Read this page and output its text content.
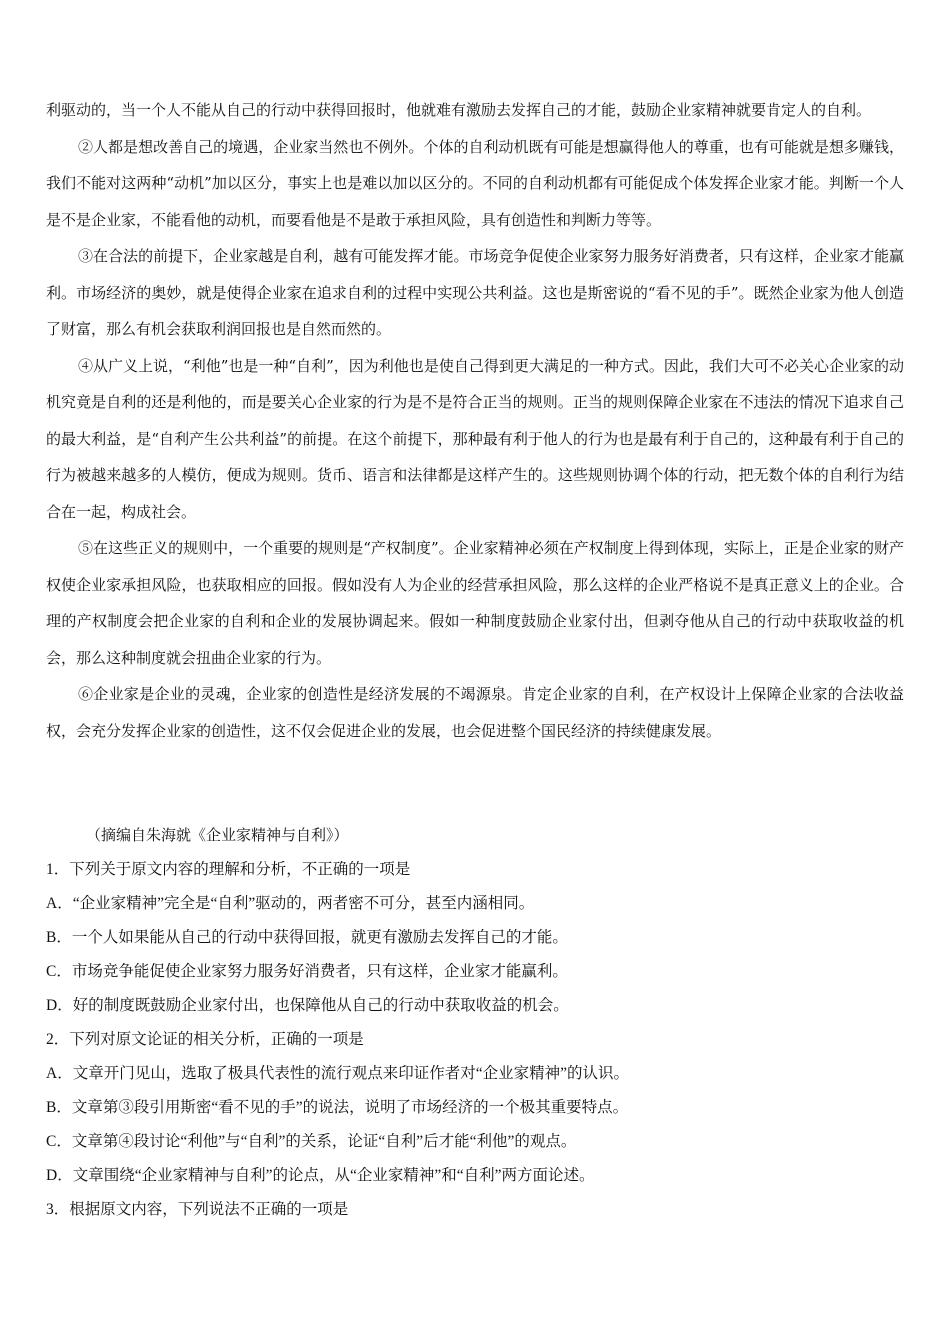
利驱动的，当一个人不能从自己的行动中获得回报时，他就难有激励去发挥自己的才能，鼓励企业家精神就要肯定人的自利。

②人都是想改善自己的境遇，企业家当然也不例外。个体的自利动机既有可能是想赢得他人的尊重，也有可能就是想多赚钱，我们不能对这两种“动机”加以区分，事实上也是难以加以区分的。不同的自利动机都有可能促成个体发挥企业家才能。判断一个人是不是企业家，不能看他的动机，而要看他是不是敢于承担风险，具有创造性和判断力等等。

③在合法的前提下，企业家越是自利，越有可能发挥才能。市场竞争促使企业家努力服务好消费者，只有这样，企业家才能赢利。市场经济的奥妙，就是使得企业家在追求自利的过程中实现公共利益。这也是斯密说的“看不见的手”。既然企业家为他人创造了财富，那么有机会获取利润回报也是自然而然的。

④从广义上说，“利他”也是一种“自利”，因为利他也是使自己得到更大满足的一种方式。因此，我们大可不必关心企业家的动机究竟是自利的还是利他的，而是要关心企业家的行为是不是符合正当的规则。正当的规则保障企业家在不违法的情况下追求自己的最大利益，是“自利产生公共利益”的前提。在这个前提下，那种最有利于他人的行为也是最有利于自己的，这种最有利于自己的行为被越来越多的人模仿，便成为规则。货币、语言和法律都是这样产生的。这些规则协调个体的行动，把无数个体的自利行为结合在一起，构成社会。

⑤在这些正义的规则中，一个重要的规则是“产权制度”。企业家精神必须在产权制度上得到体现，实际上，正是企业家的财产权使企业家承担风险，也获取相应的回报。假如没有人为企业的经营承担风险，那么这样的企业严格说不是真正意义上的企业。合理的产权制度会把企业家的自利和企业的发展协调起来。假如一种制度鼓励企业家付出，但剥夺他从自己的行动中获取收益的机会，那么这种制度就会扭曲企业家的行为。

⑥企业家是企业的灵魂，企业家的创造性是经济发展的不竭源泉。肯定企业家的自利，在产权设计上保障企业家的合法收益权，会充分发挥企业家的创造性，这不仅会促进企业的发展，也会促进整个国民经济的持续健康发展。

（摘编自朱海就《企业家精神与自利》）
1．下列关于原文内容的理解和分析，不正确的一项是
A．“企业家精神”完全是“自利”驱动的，两者密不可分，甚至内涵相同。
B．一个人如果能从自己的行动中获得回报，就更有激励去发挥自己的才能。
C．市场竞争能促使企业家努力服务好消费者，只有这样，企业家才能赢利。
D．好的制度既鼓励企业家付出，也保障他从自己的行动中获取收益的机会。
2．下列对原文论证的相关分析，正确的一项是
A．文章开门见山，选取了极具代表性的流行观点来印证作者对“企业家精神”的认识。
B．文章第③段引用斯密“看不见的手”的说法，说明了市场经济的一个极其重要特点。
C．文章第④段讨论“利他”与“自利”的关系，论证“自利”后才能“利他”的观点。
D．文章围绕“企业家精神与自利”的论点，从“企业家精神”和“自利”两方面论述。
3．根据原文内容，下列说法不正确的一项是
